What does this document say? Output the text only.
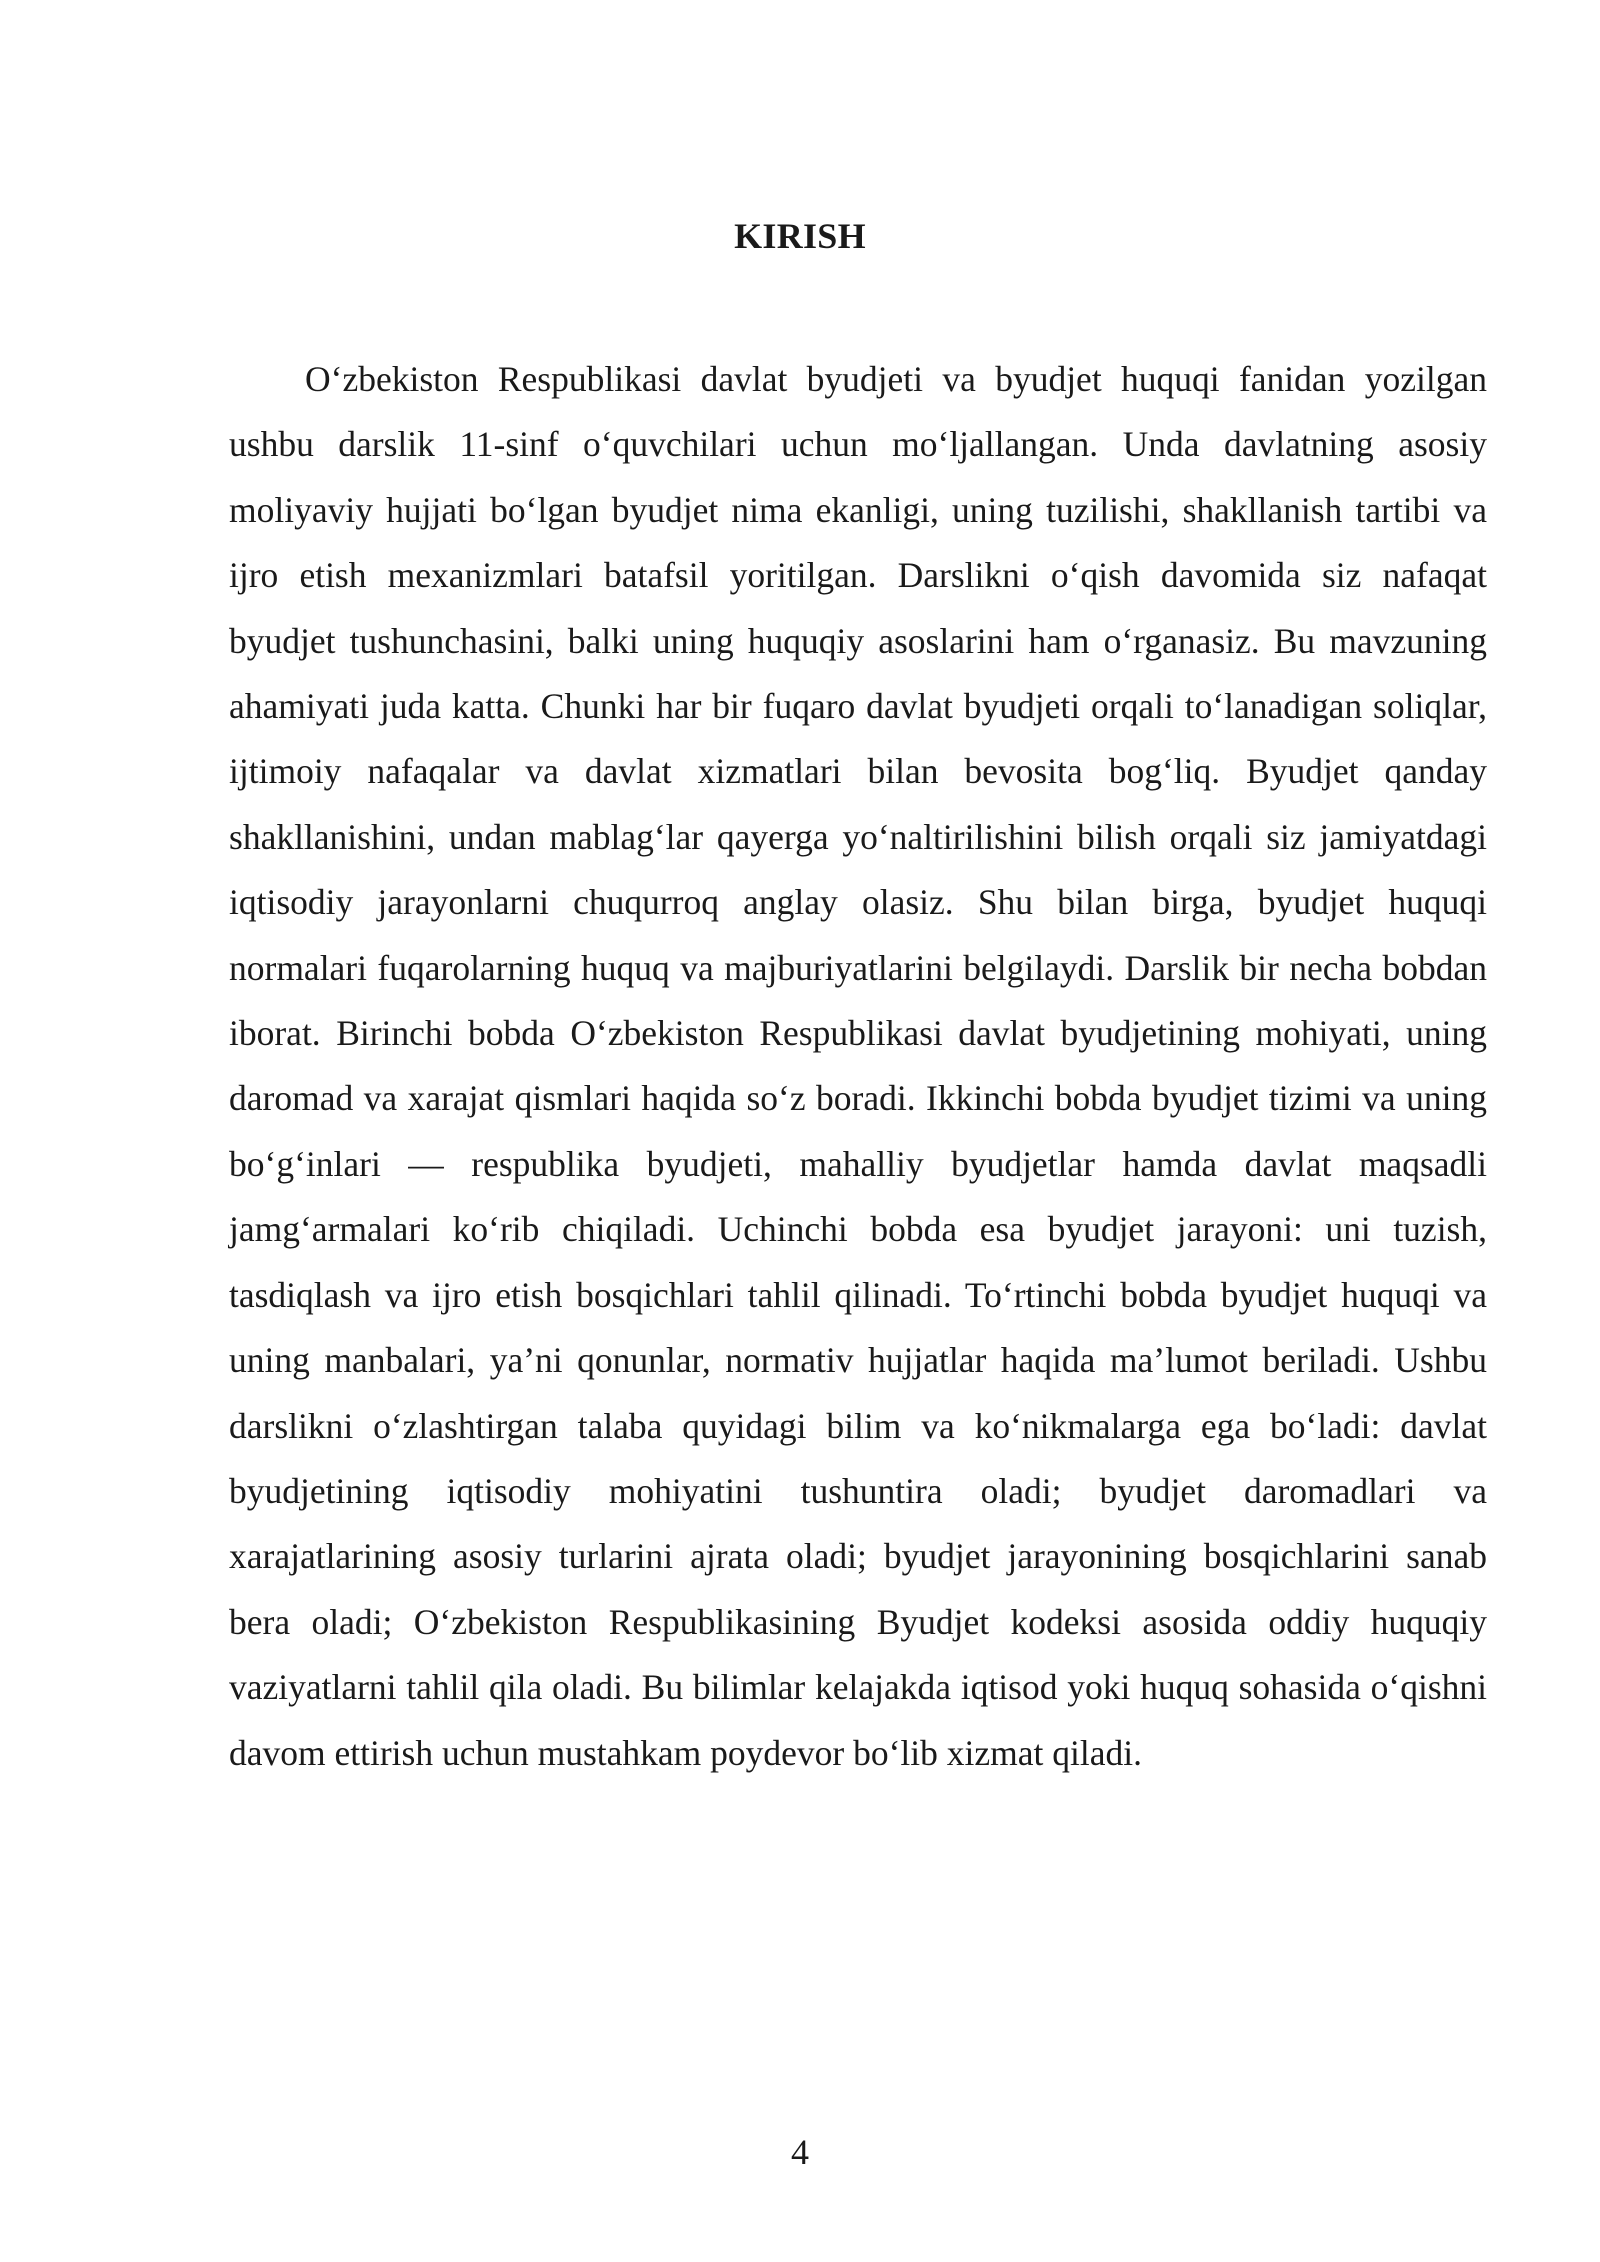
KIRISH

O‘zbekiston Respublikasi davlat byudjeti va byudjet huquqi fanidan yozilgan ushbu darslik 11-sinf o‘quvchilari uchun mo‘ljallangan. Unda davlatning asosiy moliyaviy hujjati bo‘lgan byudjet nima ekanligi, uning tuzilishi, shakllanish tartibi va ijro etish mexanizmlari batafsil yoritilgan. Darslikni o‘qish davomida siz nafaqat byudjet tushunchasini, balki uning huquqiy asoslarini ham o‘rganasiz. Bu mavzuning ahamiyati juda katta. Chunki har bir fuqaro davlat byudjeti orqali to‘lanadigan soliqlar, ijtimoiy nafaqalar va davlat xizmatlari bilan bevosita bog‘liq. Byudjet qanday shakllanishini, undan mablag‘lar qayerga yo‘naltirilishini bilish orqali siz jamiyatdagi iqtisodiy jarayonlarni chuqurroq anglay olasiz. Shu bilan birga, byudjet huquqi normalari fuqarolarning huquq va majburiyatlarini belgilaydi. Darslik bir necha bobdan iborat. Birinchi bobda O‘zbekiston Respublikasi davlat byudjetining mohiyati, uning daromad va xarajat qismlari haqida so‘z boradi. Ikkinchi bobda byudjet tizimi va uning bo‘g‘inlari — respublika byudjeti, mahalliy byudjetlar hamda davlat maqsadli jamg‘armalari ko‘rib chiqiladi. Uchinchi bobda esa byudjet jarayoni: uni tuzish, tasdiqlash va ijro etish bosqichlari tahlil qilinadi. To‘rtinchi bobda byudjet huquqi va uning manbalari, ya’ni qonunlar, normativ hujjatlar haqida ma’lumot beriladi. Ushbu darslikni o‘zlashtirgan talaba quyidagi bilim va ko‘nikmalarga ega bo‘ladi: davlat byudjetining iqtisodiy mohiyatini tushuntira oladi; byudjet daromadlari va xarajatlarining asosiy turlarini ajrata oladi; byudjet jarayonining bosqichlarini sanab bera oladi; O‘zbekiston Respublikasining Byudjet kodeksi asosida oddiy huquqiy vaziyatlarni tahlil qila oladi. Bu bilimlar kelajakda iqtisod yoki huquq sohasida o‘qishni davom ettirish uchun mustahkam poydevor bo‘lib xizmat qiladi.

4
